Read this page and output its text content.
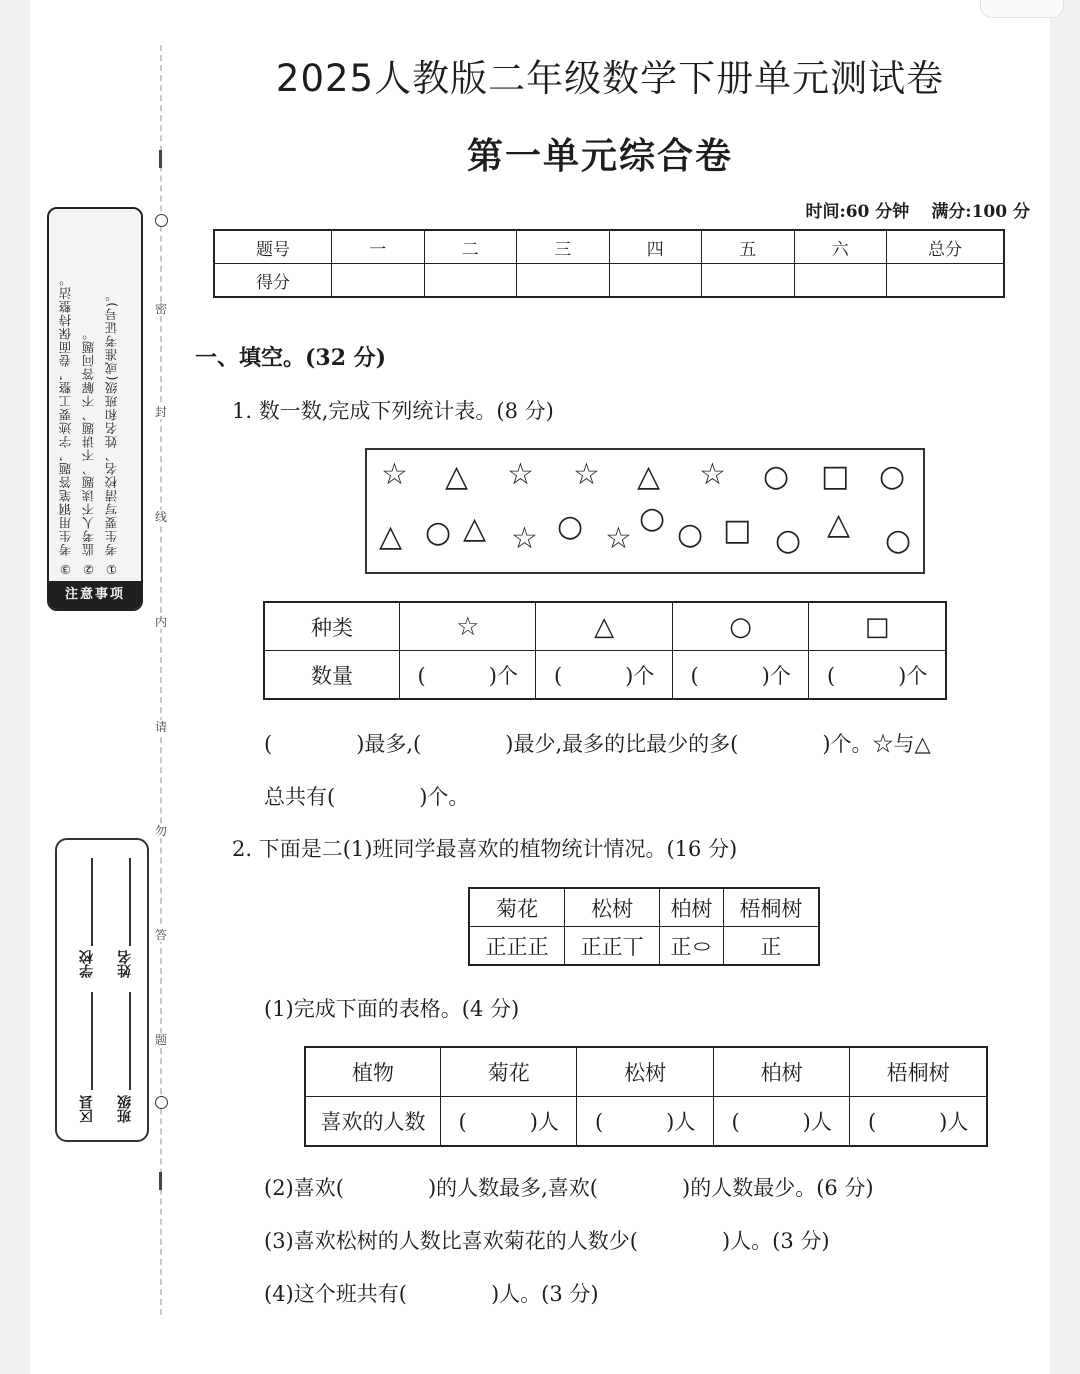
密
封
线
内
请
勿
答
题
① 考生要写清校名、姓名和班级(或准考证号)。
② 监考人不读题、不讲题、不解答问题。
③ 考生用钢笔答题，字迹要工整，卷面保持整洁。
注意事项
学校 姓名
区县 班级
2025人教版二年级数学下册单元测试卷
第一单元综合卷
时间:60 分钟 满分:100 分
题号	一	二	三	四	五	六	总分
得分							
一、填空。(32 分)
1. 数一数,完成下列统计表。(8 分)
☆ △ ☆ ☆ △ ☆ ○ □ ○
△ ○ △ ☆ ○ ☆
○ ○ □ ○ △ ○
种类	☆	△	○	□
数量	(　　　)个	(　　　)个	(　　　)个	(　　　)个
(　　　　)最多,(　　　　)最少,最多的比最少的多(　　　　)个。☆与△
总共有(　　　　)个。
2. 下面是二(1)班同学最喜欢的植物统计情况。(16 分)
菊花	松树	柏树	梧桐树
正正正	正正丅	正㇣	正
(1)完成下面的表格。(4 分)
植物	菊花	松树	柏树	梧桐树
喜欢的人数	(　　　)人	(　　　)人	(　　　)人	(　　　)人
(2)喜欢(　　　　)的人数最多,喜欢(　　　　)的人数最少。(6 分)
(3)喜欢松树的人数比喜欢菊花的人数少(　　　　)人。(3 分)
(4)这个班共有(　　　　)人。(3 分)
